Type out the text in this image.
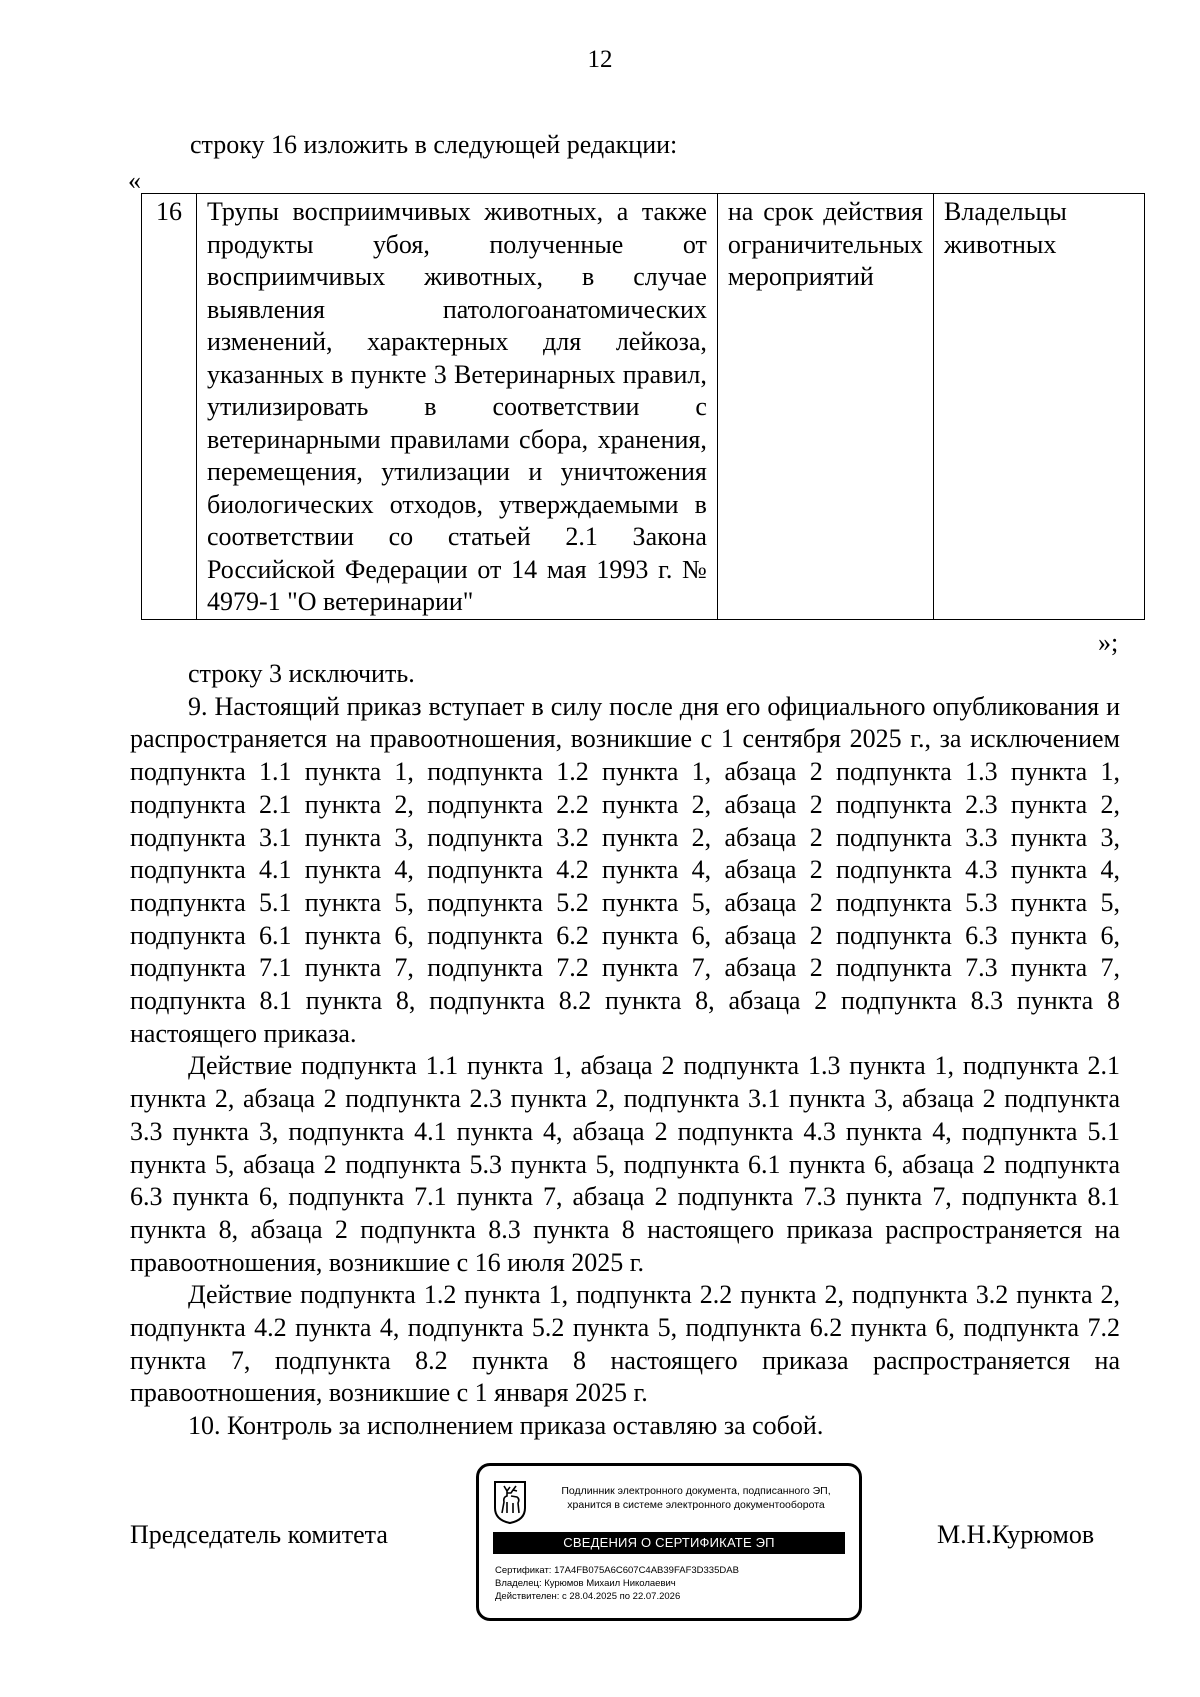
12
строку 16 изложить в следующей редакции:
«
16	Трупы восприимчивых животных, а также продукты убоя, полученные от восприимчивых животных, в случае выявления патологоанатомических изменений, характерных для лейкоза, указанных в пункте 3 Ветеринарных правил, утилизировать в соответствии с ветеринарными правилами сбора, хранения, перемещения, утилизации и уничтожения биологических отходов, утверждаемыми в соответствии со статьей 2.1 Закона Российской Федерации от 14 мая 1993 г. № 4979-1 "О ветеринарии"	на срок действия ограничительных мероприятий	Владельцы животных
»;

строку 3 исключить.

9. Настоящий приказ вступает в силу после дня его официального опубликования и распространяется на правоотношения, возникшие с 1 сентября 2025 г., за исключением подпункта 1.1 пункта 1, подпункта 1.2 пункта 1, абзаца 2 подпункта 1.3 пункта 1, подпункта 2.1 пункта 2, подпункта 2.2 пункта 2, абзаца 2 подпункта 2.3 пункта 2, подпункта 3.1 пункта 3, подпункта 3.2 пункта 2, абзаца 2 подпункта 3.3 пункта 3, подпункта 4.1 пункта 4, подпункта 4.2 пункта 4, абзаца 2 подпункта 4.3 пункта 4, подпункта 5.1 пункта 5, подпункта 5.2 пункта 5, абзаца 2 подпункта 5.3 пункта 5, подпункта 6.1 пункта 6, подпункта 6.2 пункта 6, абзаца 2 подпункта 6.3 пункта 6, подпункта 7.1 пункта 7, подпункта 7.2 пункта 7, абзаца 2 подпункта 7.3 пункта 7, подпункта 8.1 пункта 8, подпункта 8.2 пункта 8, абзаца 2 подпункта 8.3 пункта 8 настоящего приказа.

Действие подпункта 1.1 пункта 1, абзаца 2 подпункта 1.3 пункта 1, подпункта 2.1 пункта 2, абзаца 2 подпункта 2.3 пункта 2, подпункта 3.1 пункта 3, абзаца 2 подпункта 3.3 пункта 3, подпункта 4.1 пункта 4, абзаца 2 подпункта 4.3 пункта 4, подпункта 5.1 пункта 5, абзаца 2 подпункта 5.3 пункта 5, подпункта 6.1 пункта 6, абзаца 2 подпункта 6.3 пункта 6, подпункта 7.1 пункта 7, абзаца 2 подпункта 7.3 пункта 7, подпункта 8.1 пункта 8, абзаца 2 подпункта 8.3 пункта 8 настоящего приказа распространяется на правоотношения, возникшие с 16 июля 2025 г.

Действие подпункта 1.2 пункта 1, подпункта 2.2 пункта 2, подпункта 3.2 пункта 2, подпункта 4.2 пункта 4, подпункта 5.2 пункта 5, подпункта 6.2 пункта 6, подпункта 7.2 пункта 7, подпункта 8.2 пункта 8 настоящего приказа распространяется на правоотношения, возникшие с 1 января 2025 г.

10. Контроль за исполнением приказа оставляю за собой.

Председатель комитета	М.Н.Курюмов
Подлинник электронного документа, подписанного ЭП,
хранится в системе электронного документооборота
СВЕДЕНИЯ О СЕРТИФИКАТЕ ЭП
Сертификат: 17A4FB075A6C607C4AB39FAF3D335DAB
Владелец: Курюмов Михаил Николаевич
Действителен: с 28.04.2025 по 22.07.2026
